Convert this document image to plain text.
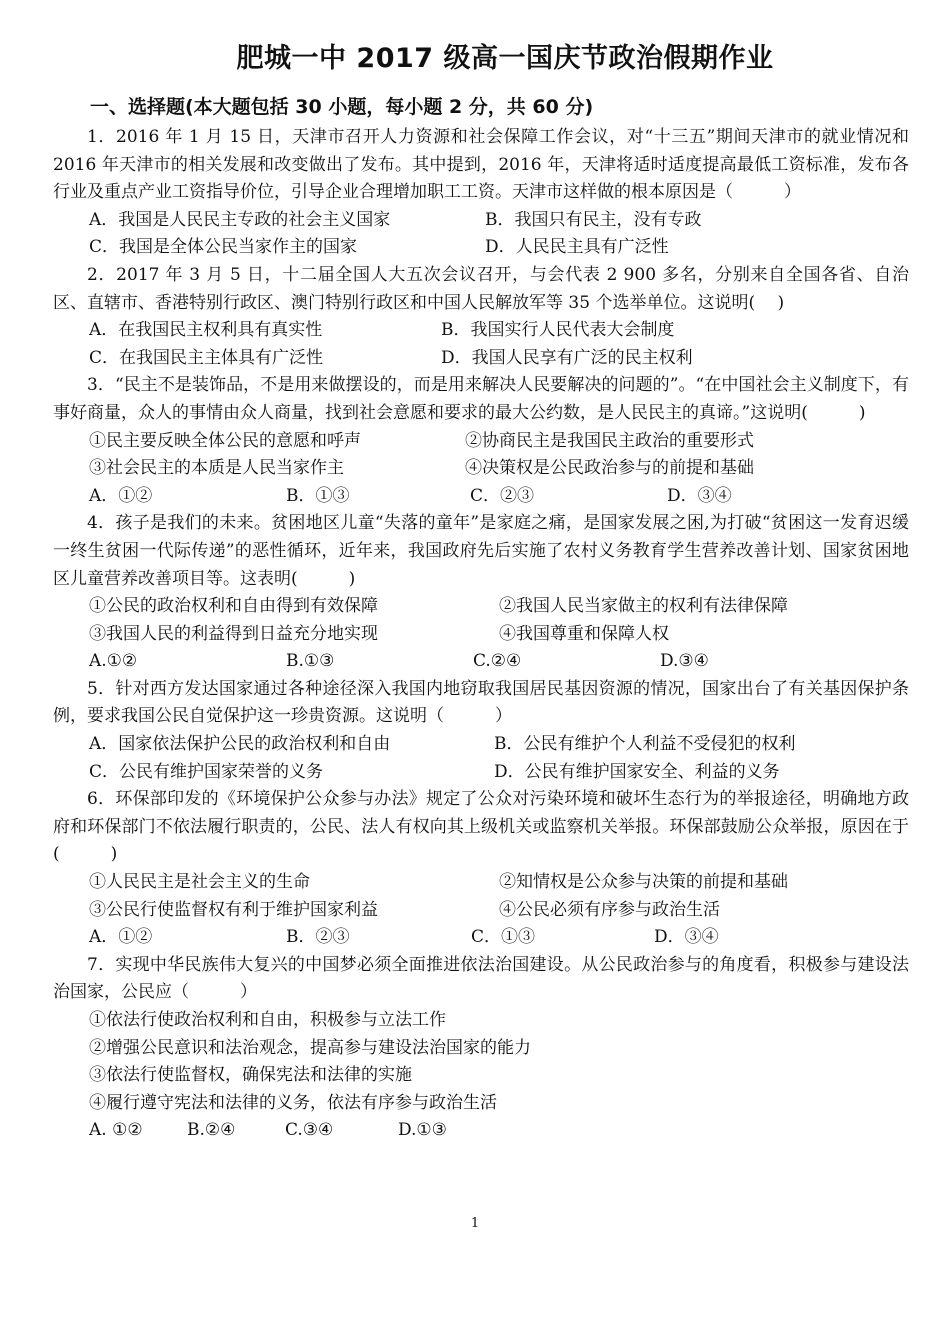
肥城一中 2017 级高一国庆节政治假期作业
一、选择题(本大题包括 30 小题，每小题 2 分，共 60 分)

1．2016 年 1 月 15 日，天津市召开人力资源和社会保障工作会议，对“十三五”期间天津市的就业情况和 2016 年天津市的相关发展和改变做出了发布。其中提到，2016 年，天津将适时适度提高最低工资标准，发布各行业及重点产业工资指导价位，引导企业合理增加职工工资。天津市这样做的根本原因是（　　　）

A．我国是人民民主专政的社会主义国家	B．我国只有民主，没有专政
C．我国是全体公民当家作主的国家	D．人民民主具有广泛性

2．2017 年 3 月 5 日，十二届全国人大五次会议召开，与会代表 2 900 多名，分别来自全国各省、自治区、直辖市、香港特别行政区、澳门特别行政区和中国人民解放军等 35 个选举单位。这说明(　 )

A．在我国民主权利具有真实性	B．我国实行人民代表大会制度
C．在我国民主主体具有广泛性	D．我国人民享有广泛的民主权利

3．“民主不是装饰品，不是用来做摆设的，而是用来解决人民要解决的问题的”。“在中国社会主义制度下，有事好商量，众人的事情由众人商量，找到社会意愿和要求的最大公约数，是人民民主的真谛。”这说明(　　　)

①民主要反映全体公民的意愿和呼声	②协商民主是我国民主政治的重要形式
③社会民主的本质是人民当家作主	④决策权是公民政治参与的前提和基础
A．①②	B．①③	C．②③	D．③④

4．孩子是我们的未来。贫困地区儿童“失落的童年”是家庭之痛，是国家发展之困,为打破“贫困这一发育迟缓一终生贫困一代际传递”的恶性循环，近年来，我国政府先后实施了农村义务教育学生营养改善计划、国家贫困地区儿童营养改善项目等。这表明(　　　)

①公民的政治权利和自由得到有效保障	②我国人民当家做主的权利有法律保障
③我国人民的利益得到日益充分地实现	④我国尊重和保障人权
A.①②	B.①③	C.②④	D.③④

5．针对西方发达国家通过各种途径深入我国内地窃取我国居民基因资源的情况，国家出台了有关基因保护条例，要求我国公民自觉保护这一珍贵资源。这说明（　　　）

A．国家依法保护公民的政治权利和自由	B．公民有维护个人利益不受侵犯的权利
C．公民有维护国家荣誉的义务	D．公民有维护国家安全、利益的义务

6．环保部印发的《环境保护公众参与办法》规定了公众对污染环境和破坏生态行为的举报途径，明确地方政府和环保部门不依法履行职责的，公民、法人有权向其上级机关或监察机关举报。环保部鼓励公众举报，原因在于(　　　)

①人民民主是社会主义的生命	②知情权是公众参与决策的前提和基础
③公民行使监督权有利于维护国家利益	④公民必须有序参与政治生活
A．①②	B．②③	C．①③	D．③④

7．实现中华民族伟大复兴的中国梦必须全面推进依法治国建设。从公民政治参与的角度看，积极参与建设法治国家，公民应（　　　）

①依法行使政治权利和自由，积极参与立法工作
②增强公民意识和法治观念，提高参与建设法治国家的能力
③依法行使监督权，确保宪法和法律的实施
④履行遵守宪法和法律的义务，依法有序参与政治生活
A. ①②	B.②④	C.③④	D.①③
1
